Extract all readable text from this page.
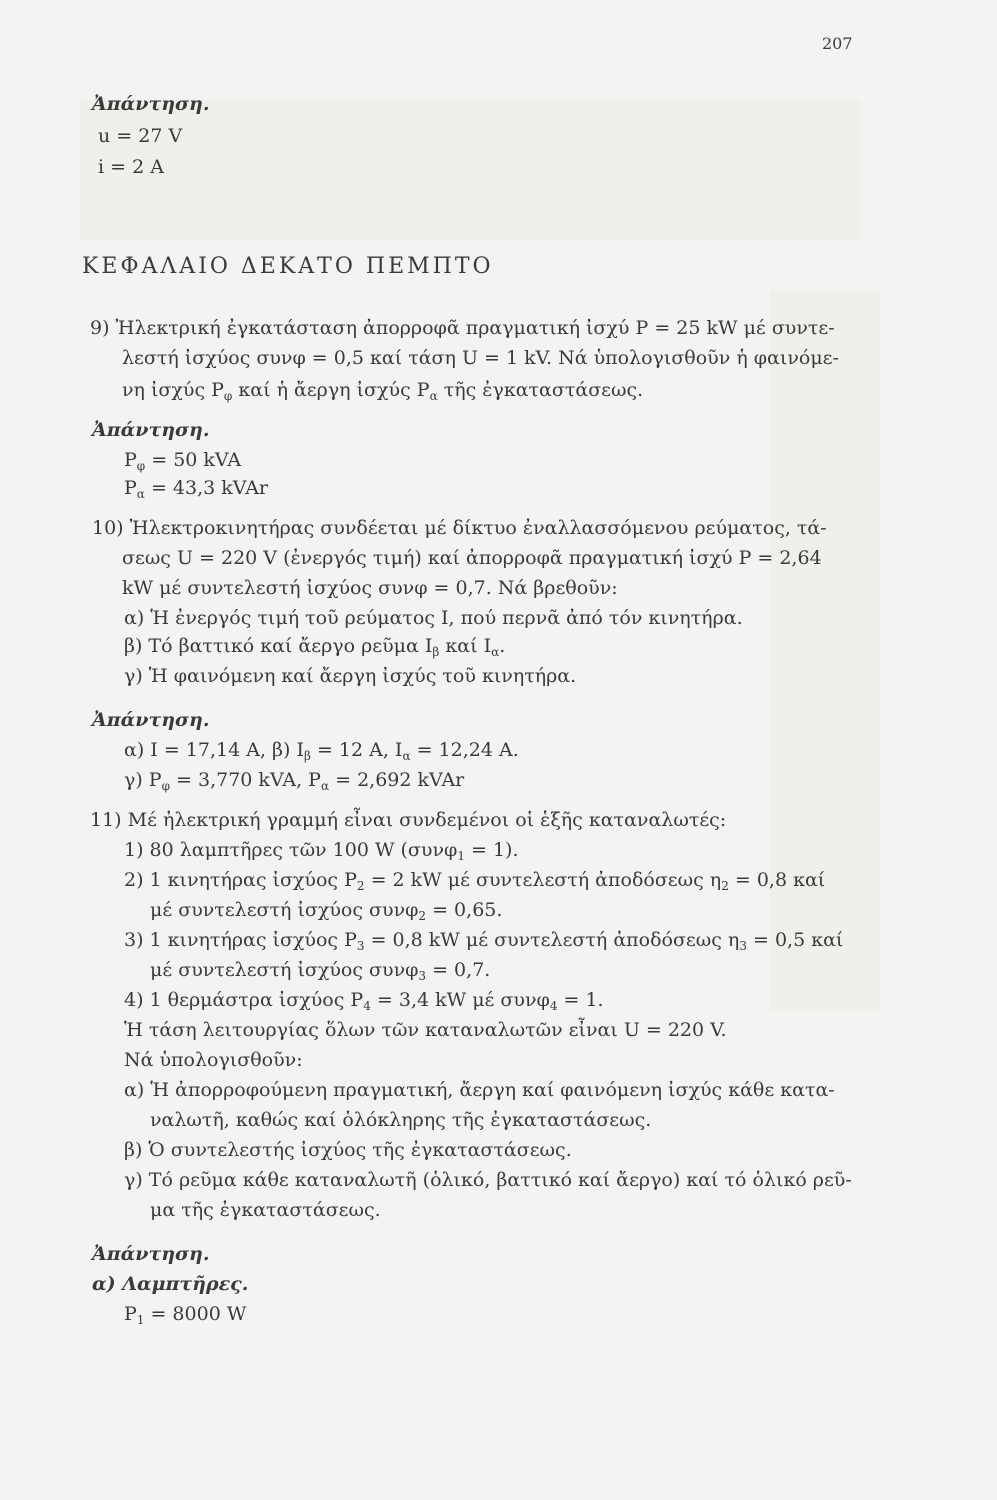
207
Ἀπάντηση.
u = 27 V
i = 2 A
ΚΕΦΑΛΑΙΟ ΔΕΚΑΤΟ ΠΕΜΠΤΟ
9) Ἠλεκτρική ἐγκατάσταση ἀπορροφᾶ πραγματική ἰσχύ P = 25 kW μέ συντε-
λεστή ἰσχύος συνφ = 0,5 καί τάση U = 1 kV. Νά ὑπολογισθοῦν ἡ φαινόμε-
νη ἰσχύς $P_\varphi$ καί ἡ ἄεργη ἰσχύς $P_\alpha$ τῆς ἐγκαταστάσεως.
Ἀπάντηση.
$P_\varphi = 50$ kVA
$P_\alpha = 43,3$ kVAr
10) Ἠλεκτροκινητήρας συνδέεται μέ δίκτυο ἐναλλασσόμενου ρεύματος, τά-
σεως U = 220 V (ἐνεργός τιμή) καί ἀπορροφᾶ πραγματική ἰσχύ P = 2,64
kW μέ συντελεστή ἰσχύος συνφ = 0,7. Νά βρεθοῦν:
α) Ἡ ἐνεργός τιμή τοῦ ρεύματος I, πού περνᾶ ἀπό τόν κινητήρα.
β) Τό βαττικό καί ἄεργο ρεῦμα $I_\beta$ καί $I_\alpha$.
γ) Ἡ φαινόμενη καί ἄεργη ἰσχύς τοῦ κινητήρα.
Ἀπάντηση.
α) I = 17,14 A, β) $I_\beta = 12$ A, $I_\alpha = 12,24$ A.
γ) $P_\varphi = 3,770$ kVA, $P_\alpha = 2,692$ kVAr
11) Μέ ἠλεκτρική γραμμή εἶναι συνδεμένοι οἱ ἑξῆς καταναλωτές:
1) 80 λαμπτῆρες τῶν 100 W (συνφ$_1$ = 1).
2) 1 κινητήρας ἰσχύος $P_2 = 2$ kW μέ συντελεστή ἀποδόσεως $\eta_2 = 0,8$ καί
μέ συντελεστή ἰσχύος συνφ$_2$ = 0,65.
3) 1 κινητήρας ἰσχύος $P_3 = 0,8$ kW μέ συντελεστή ἀποδόσεως $\eta_3 = 0,5$ καί
μέ συντελεστή ἰσχύος συνφ$_3$ = 0,7.
4) 1 θερμάστρα ἰσχύος $P_4 = 3,4$ kW μέ συνφ$_4$ = 1.
Ἡ τάση λειτουργίας ὅλων τῶν καταναλωτῶν εἶναι U = 220 V.
Νά ὑπολογισθοῦν:
α) Ἡ ἀπορροφούμενη πραγματική, ἄεργη καί φαινόμενη ἰσχύς κάθε κατα-
ναλωτῆ, καθώς καί ὁλόκληρης τῆς ἐγκαταστάσεως.
β) Ὁ συντελεστής ἰσχύος τῆς ἐγκαταστάσεως.
γ) Τό ρεῦμα κάθε καταναλωτῆ (ὁλικό, βαττικό καί ἄεργο) καί τό ὁλικό ρεῦ-
μα τῆς ἐγκαταστάσεως.
Ἀπάντηση.
α) Λαμπτῆρες.
$P_1 = 8000$ W
